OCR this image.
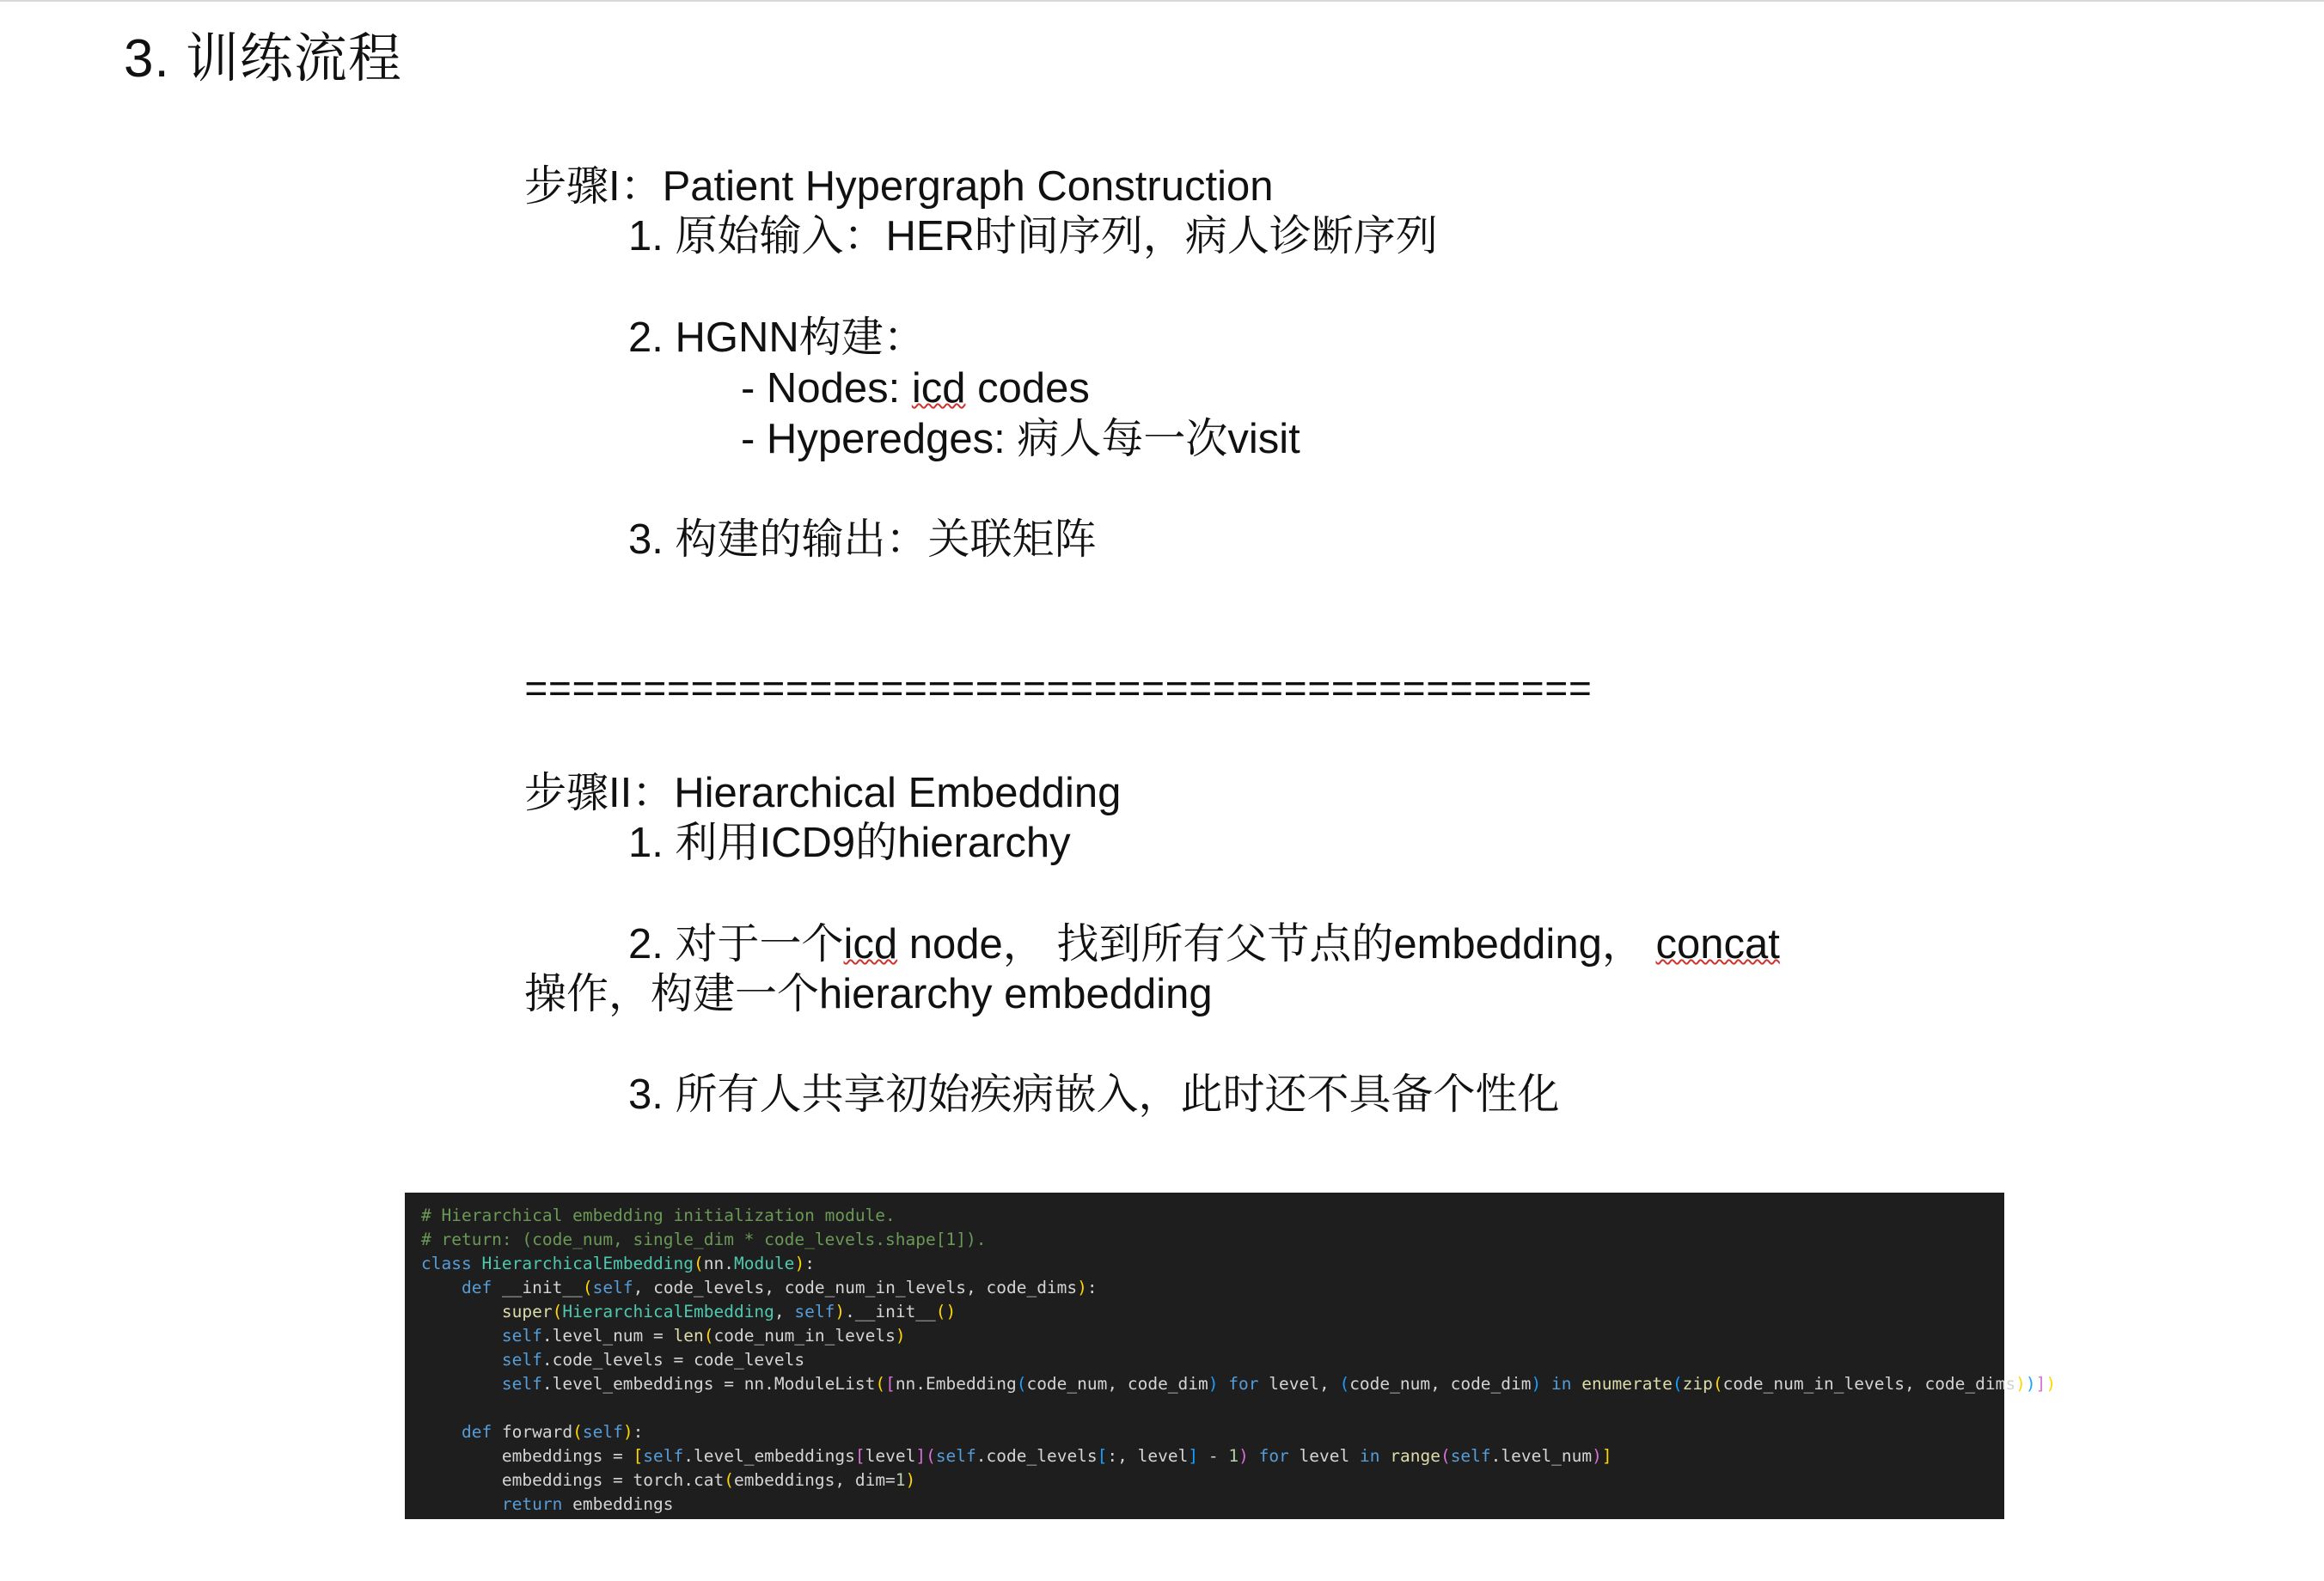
3. 训练流程
步骤I：Patient Hypergraph Construction
1. 原始输入：HER时间序列，病人诊断序列
2. HGNN构建：
- Nodes: icd codes
- Hyperedges: 病人每一次visit
3. 构建的输出：关联矩阵
=============================================
步骤II：Hierarchical Embedding
1. 利用ICD9的hierarchy
2. 对于一个icd node， 找到所有父节点的embedding， concat
操作，构建一个hierarchy embedding
3. 所有人共享初始疾病嵌入，此时还不具备个性化
# Hierarchical embedding initialization module.
# return: (code_num, single_dim * code_levels.shape[1]).
class HierarchicalEmbedding(nn.Module):
def __init__(self, code_levels, code_num_in_levels, code_dims):
super(HierarchicalEmbedding, self).__init__()
self.level_num = len(code_num_in_levels)
self.code_levels = code_levels
self.level_embeddings = nn.ModuleList([nn.Embedding(code_num, code_dim) for level, (code_num, code_dim) in enumerate(zip(code_num_in_levels, code_dims))])
def forward(self):
embeddings = [self.level_embeddings[level](self.code_levels[:, level] - 1) for level in range(self.level_num)]
embeddings = torch.cat(embeddings, dim=1)
return embeddings
